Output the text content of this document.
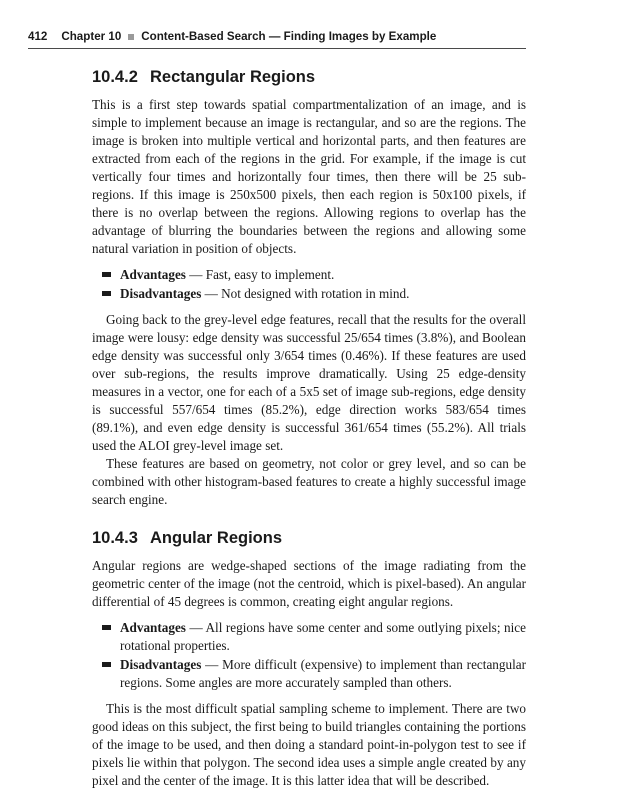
412 Chapter 10 Content-Based Search — Finding Images by Example
10.4.2 Rectangular Regions

This is a first step towards spatial compartmentalization of an image, and is simple to implement because an image is rectangular, and so are the regions. The image is broken into multiple vertical and horizontal parts, and then features are extracted from each of the regions in the grid. For example, if the image is cut vertically four times and horizontally four times, then there will be 25 sub-regions. If this image is 250x500 pixels, then each region is 50x100 pixels, if there is no overlap between the regions. Allowing regions to overlap has the advantage of blurring the boundaries between the regions and allowing some natural variation in position of objects.

Advantages — Fast, easy to implement.
Disadvantages — Not designed with rotation in mind.

Going back to the grey-level edge features, recall that the results for the overall image were lousy: edge density was successful 25/654 times (3.8%), and Boolean edge density was successful only 3/654 times (0.46%). If these features are used over sub-regions, the results improve dramatically. Using 25 edge-density measures in a vector, one for each of a 5x5 set of image sub-regions, edge density is successful 557/654 times (85.2%), edge direction works 583/654 times (89.1%), and even edge density is successful 361/654 times (55.2%). All trials used the ALOI grey-level image set.

These features are based on geometry, not color or grey level, and so can be combined with other histogram-based features to create a highly successful image search engine.

10.4.3 Angular Regions

Angular regions are wedge-shaped sections of the image radiating from the geometric center of the image (not the centroid, which is pixel-based). An angular differential of 45 degrees is common, creating eight angular regions.

Advantages — All regions have some center and some outlying pixels; nice rotational properties.
Disadvantages — More difficult (expensive) to implement than rectangular regions. Some angles are more accurately sampled than others.

This is the most difficult spatial sampling scheme to implement. There are two good ideas on this subject, the first being to build triangles containing the portions of the image to be used, and then doing a standard point-in-polygon test to see if pixels lie within that polygon. The second idea uses a simple angle created by any pixel and the center of the image. It is this latter idea that will be described.
